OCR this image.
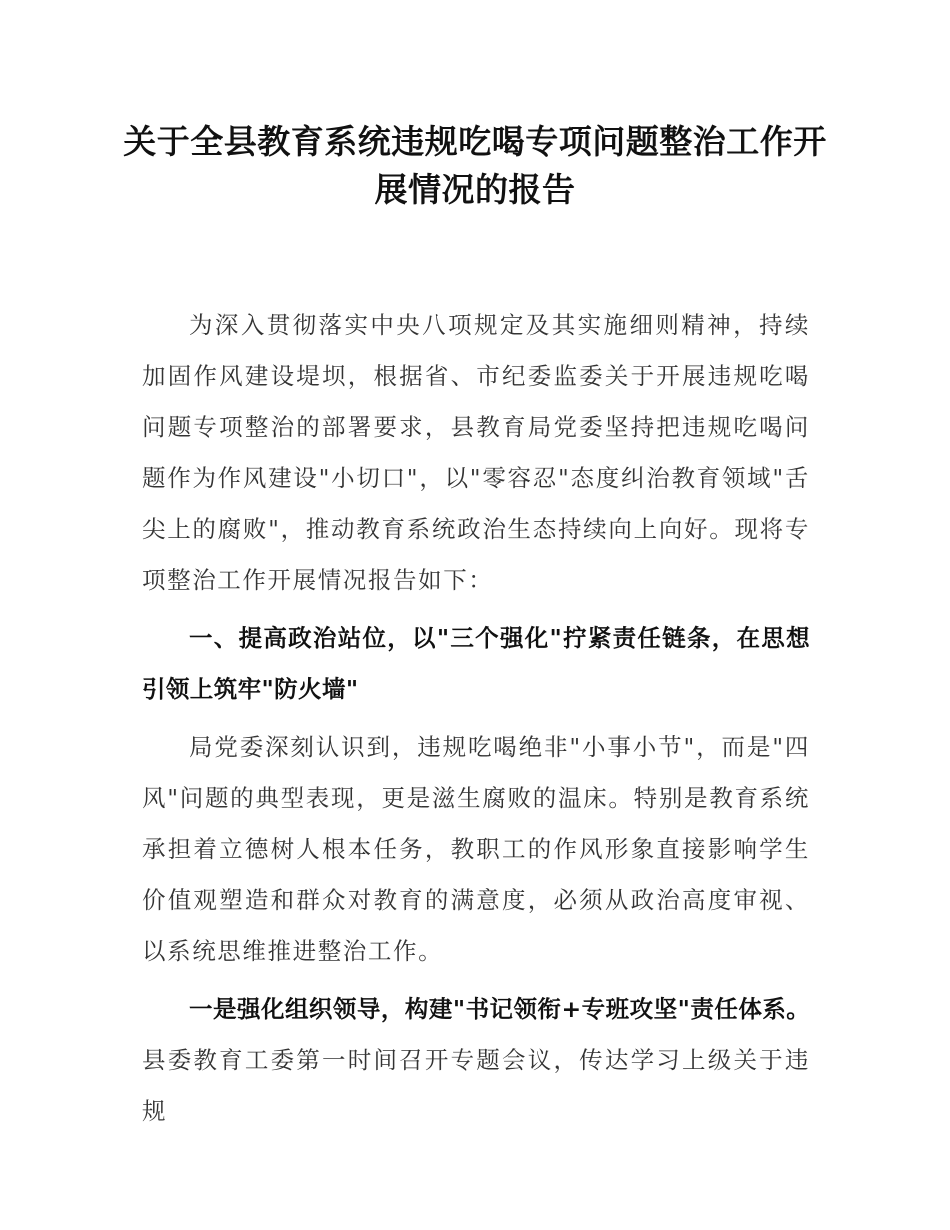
关于全县教育系统违规吃喝专项问题整治工作开展情况的报告

为深入贯彻落实中央八项规定及其实施细则精神，持续加固作风建设堤坝，根据省、市纪委监委关于开展违规吃喝问题专项整治的部署要求，县教育局党委坚持把违规吃喝问题作为作风建设"小切口"，以"零容忍"态度纠治教育领域"舌尖上的腐败"，推动教育系统政治生态持续向上向好。现将专项整治工作开展情况报告如下：

一、提高政治站位，以"三个强化"拧紧责任链条，在思想引领上筑牢"防火墙"

局党委深刻认识到，违规吃喝绝非"小事小节"，而是"四风"问题的典型表现，更是滋生腐败的温床。特别是教育系统承担着立德树人根本任务，教职工的作风形象直接影响学生价值观塑造和群众对教育的满意度，必须从政治高度审视、以系统思维推进整治工作。

一是强化组织领导，构建"书记领衔+专班攻坚"责任体系。县委教育工委第一时间召开专题会议，传达学习上级关于违规
